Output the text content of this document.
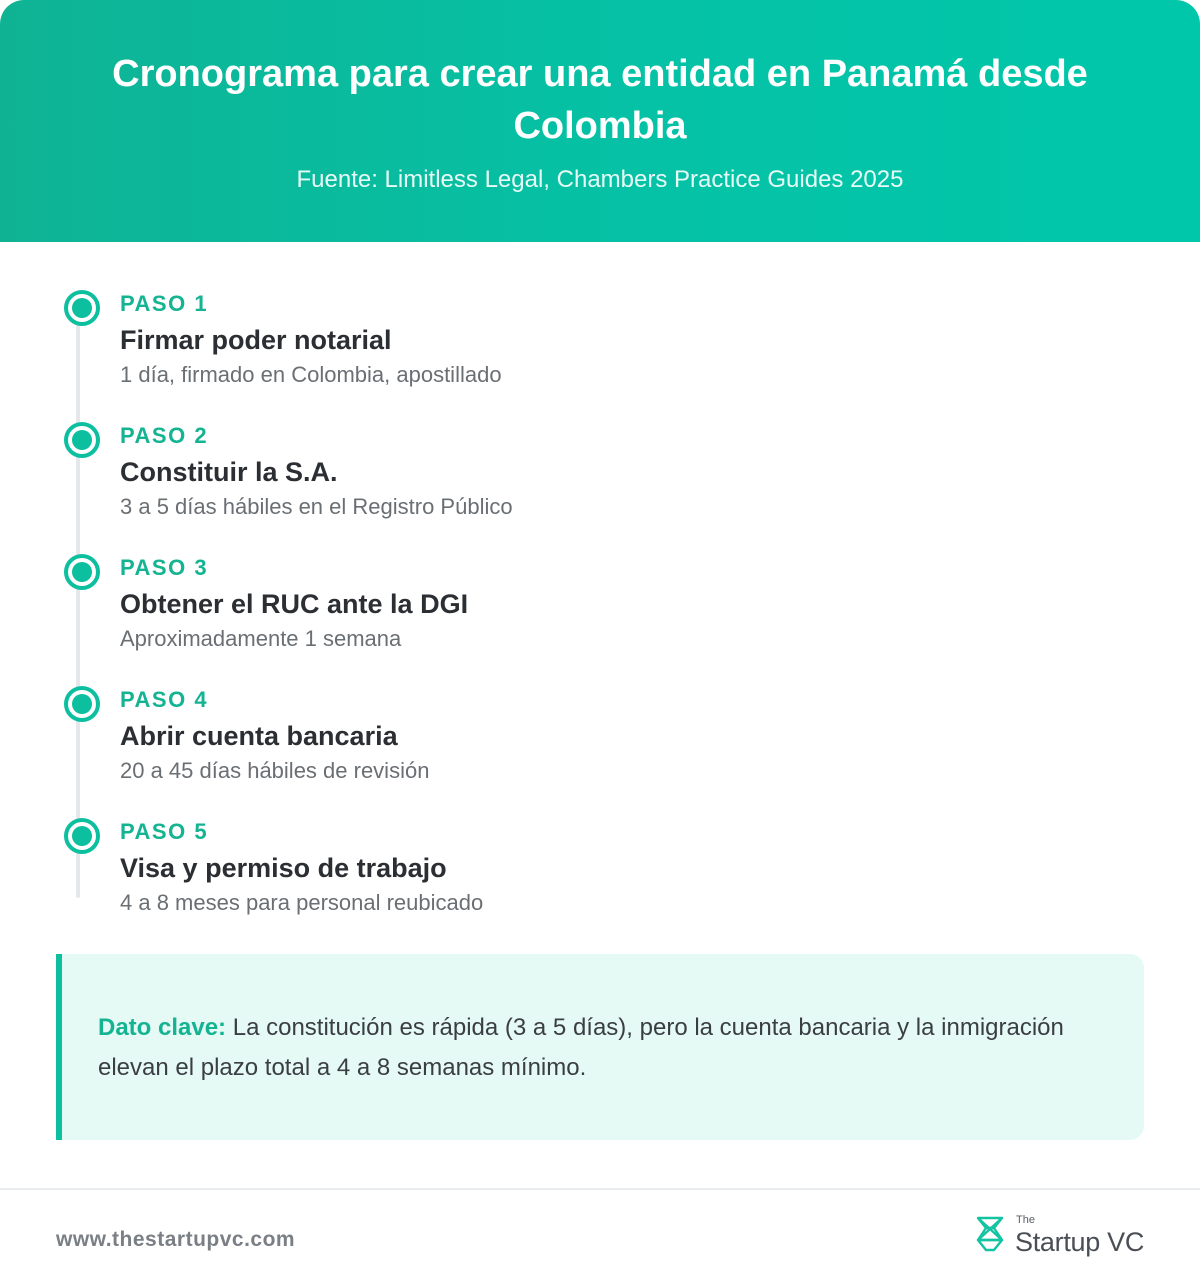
Cronograma para crear una entidad en Panamá desde Colombia
Fuente: Limitless Legal, Chambers Practice Guides 2025
PASO 1
Firmar poder notarial
1 día, firmado en Colombia, apostillado
PASO 2
Constituir la S.A.
3 a 5 días hábiles en el Registro Público
PASO 3
Obtener el RUC ante la DGI
Aproximadamente 1 semana
PASO 4
Abrir cuenta bancaria
20 a 45 días hábiles de revisión
PASO 5
Visa y permiso de trabajo
4 a 8 meses para personal reubicado
Dato clave: La constitución es rápida (3 a 5 días), pero la cuenta bancaria y la inmigración elevan el plazo total a 4 a 8 semanas mínimo.
www.thestartupvc.com
The
Startup VC
